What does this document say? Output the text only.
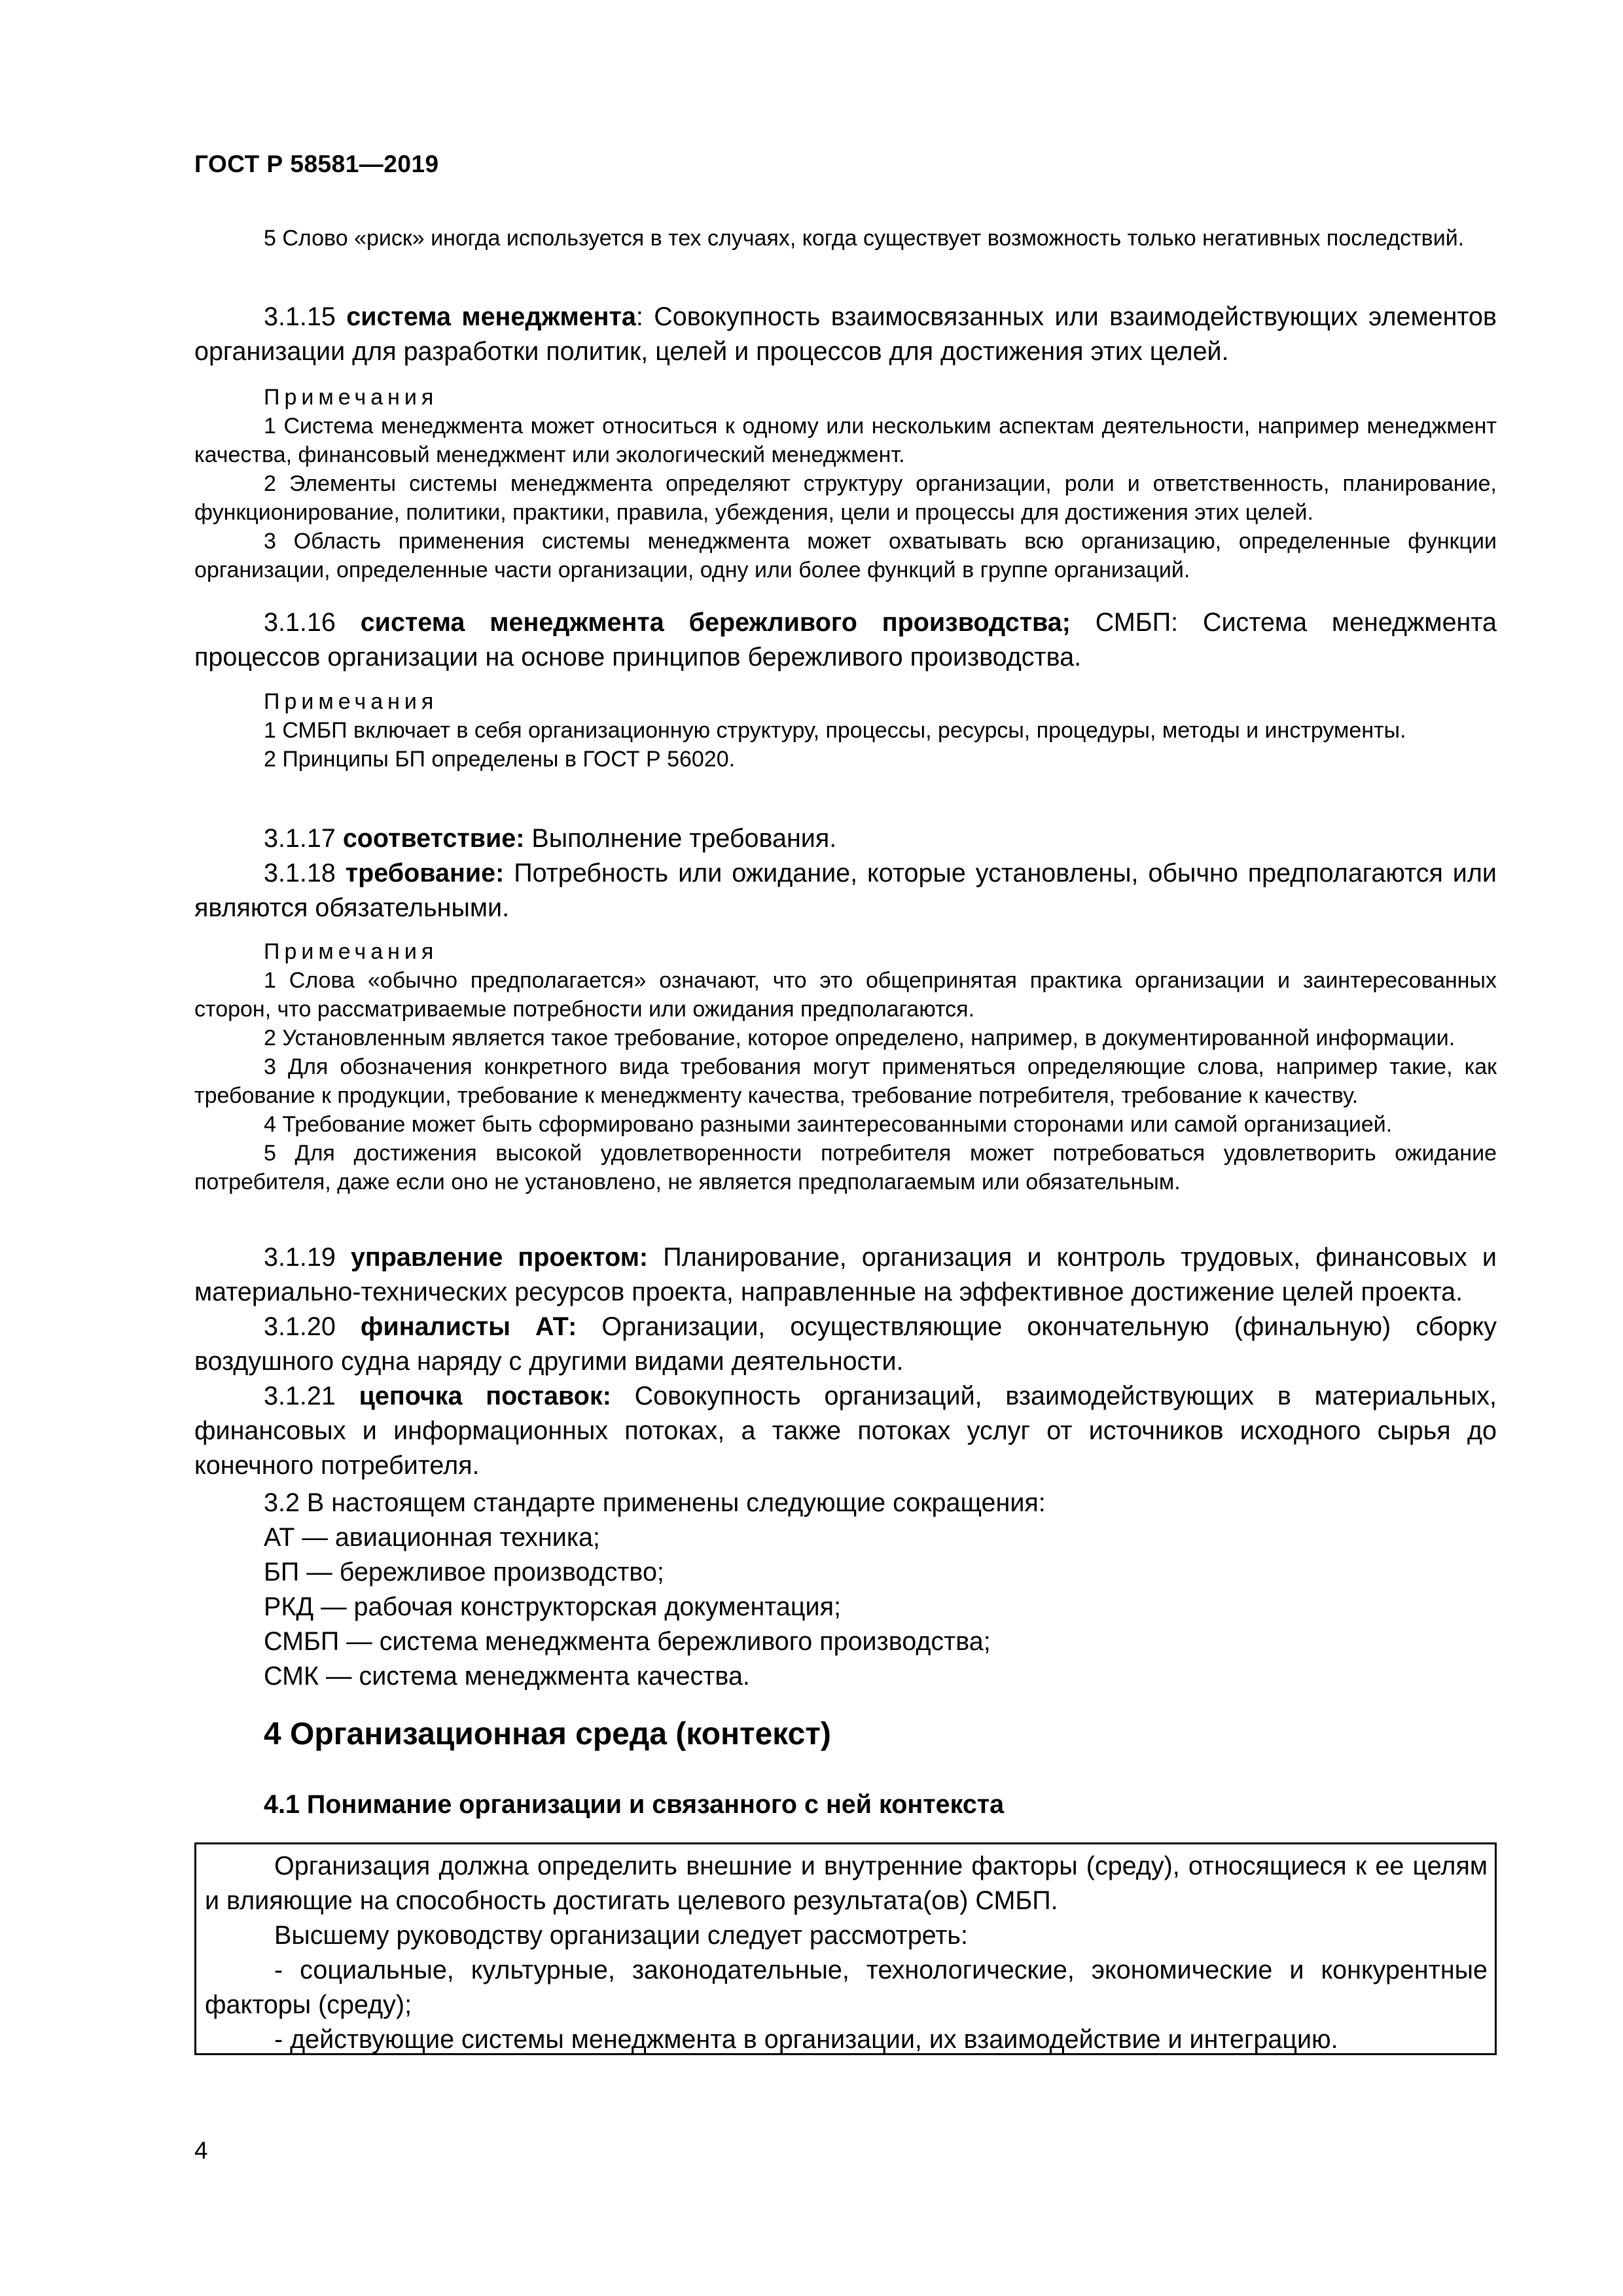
ГОСТ Р 58581—2019

5 Слово «риск» иногда используется в тех случаях, когда существует возможность только негативных последствий.

3.1.15 система менеджмента: Совокупность взаимосвязанных или взаимодействующих элементов организации для разработки политик, целей и процессов для достижения этих целей.

Примечания

1 Система менеджмента может относиться к одному или нескольким аспектам деятельности, например менеджмент качества, финансовый менеджмент или экологический менеджмент.

2 Элементы системы менеджмента определяют структуру организации, роли и ответственность, планирование, функционирование, политики, практики, правила, убеждения, цели и процессы для достижения этих целей.

3 Область применения системы менеджмента может охватывать всю организацию, определенные функции организации, определенные части организации, одну или более функций в группе организаций.

3.1.16 система менеджмента бережливого производства; СМБП: Система менеджмента процессов организации на основе принципов бережливого производства.

Примечания

1 СМБП включает в себя организационную структуру, процессы, ресурсы, процедуры, методы и инструменты.

2 Принципы БП определены в ГОСТ Р 56020.

3.1.17 соответствие: Выполнение требования.

3.1.18 требование: Потребность или ожидание, которые установлены, обычно предполагаются или являются обязательными.

Примечания

1 Слова «обычно предполагается» означают, что это общепринятая практика организации и заинтересованных сторон, что рассматриваемые потребности или ожидания предполагаются.

2 Установленным является такое требование, которое определено, например, в документированной информации.

3 Для обозначения конкретного вида требования могут применяться определяющие слова, например такие, как требование к продукции, требование к менеджменту качества, требование потребителя, требование к качеству.

4 Требование может быть сформировано разными заинтересованными сторонами или самой организацией.

5 Для достижения высокой удовлетворенности потребителя может потребоваться удовлетворить ожидание потребителя, даже если оно не установлено, не является предполагаемым или обязательным.

3.1.19 управление проектом: Планирование, организация и контроль трудовых, финансовых и материально-технических ресурсов проекта, направленные на эффективное достижение целей проекта.

3.1.20 финалисты АТ: Организации, осуществляющие окончательную (финальную) сборку воздушного судна наряду с другими видами деятельности.

3.1.21 цепочка поставок: Совокупность организаций, взаимодействующих в материальных, финансовых и информационных потоках, а также потоках услуг от источников исходного сырья до конечного потребителя.

3.2 В настоящем стандарте применены следующие сокращения:
АТ — авиационная техника;
БП — бережливое производство;
РКД — рабочая конструкторская документация;
СМБП — система менеджмента бережливого производства;
СМК — система менеджмента качества.
4 Организационная среда (контекст)
4.1 Понимание организации и связанного с ней контекста

Организация должна определить внешние и внутренние факторы (среду), относящиеся к ее целям и влияющие на способность достигать целевого результата(ов) СМБП.

Высшему руководству организации следует рассмотреть:

- социальные, культурные, законодательные, технологические, экономические и конкурентные факторы (среду);

- действующие системы менеджмента в организации, их взаимодействие и интеграцию.

4
